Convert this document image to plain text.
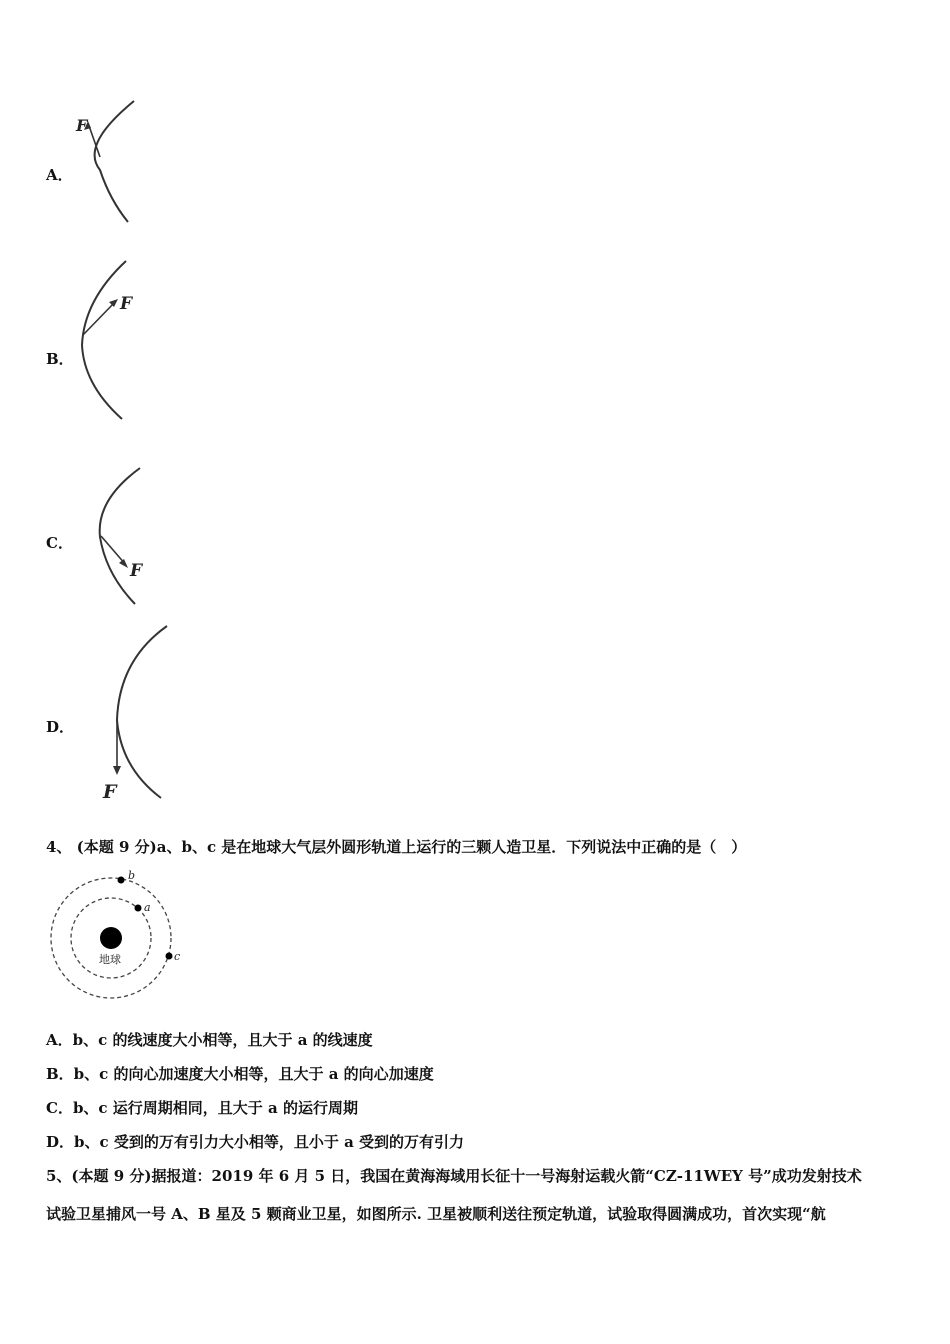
A．
F
B．
F
C．
F
D．
F
4、 (本题 9 分)a、b、c 是在地球大气层外圆形轨道上运行的三颗人造卫星．下列说法中正确的是（　）
地球
b
a
c
A．b、c 的线速度大小相等，且大于 a 的线速度
B．b、c 的向心加速度大小相等，且大于 a 的向心加速度
C．b、c 运行周期相同，且大于 a 的运行周期
D．b、c 受到的万有引力大小相等，且小于 a 受到的万有引力
5、(本题 9 分)据报道：2019 年 6 月 5 日，我国在黄海海域用长征十一号海射运载火箭“CZ-11WEY 号”成功发射技术
试验卫星捕风一号 A、B 星及 5 颗商业卫星，如图所示. 卫星被顺利送往预定轨道，试验取得圆满成功，首次实现“航
